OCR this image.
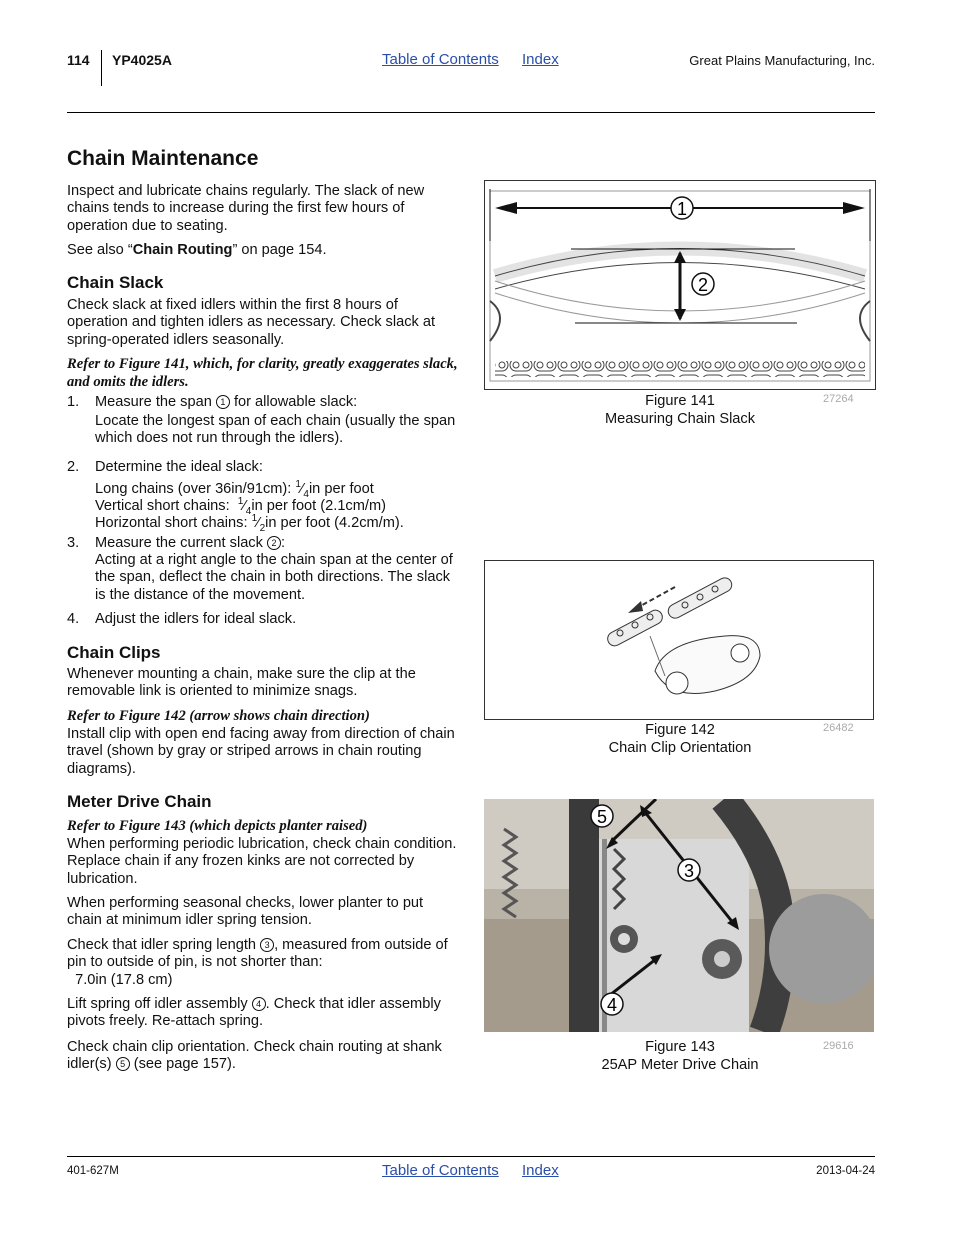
114 YP4025A	Table of Contents Index	Great Plains Manufacturing, Inc.
Chain Maintenance

Inspect and lubricate chains regularly. The slack of new chains tends to increase during the first few hours of operation due to seating.

See also “Chain Routing” on page 154.

Chain Slack

Check slack at fixed idlers within the first 8 hours of operation and tighten idlers as necessary. Check slack at spring-operated idlers seasonally.

Refer to Figure 141, which, for clarity, greatly exaggerates slack, and omits the idlers.

1. Measure the span 1 for allowable slack:

Locate the longest span of each chain (usually the span which does not run through the idlers).

2. Determine the ideal slack:

Long chains (over 36in/91cm): $^1⁄_4in$ per foot

Vertical short chains:  $^1⁄_4in$ per foot (2.1cm/m)

Horizontal short chains: $^1⁄_2in$ per foot (4.2cm/m).

3. Measure the current slack 2 :

Acting at a right angle to the chain span at the center of the span, deflect the chain in both directions. The slack is the distance of the movement.

4. Adjust the idlers for ideal slack.

Chain Clips

Whenever mounting a chain, make sure the clip at the removable link is oriented to minimize snags.

Refer to Figure 142 (arrow shows chain direction)

Install clip with open end facing away from direction of chain travel (shown by gray or striped arrows in chain routing diagrams).

Meter Drive Chain

Refer to Figure 143 (which depicts planter raised)

When performing periodic lubrication, check chain condition. Replace chain if any frozen kinks are not corrected by lubrication.

When performing seasonal checks, lower planter to put chain at minimum idler spring tension.

Check that idler spring length 3 , measured from outside of pin to outside of pin, is not shorter than:
7.0in (17.8 cm)

Lift spring off idler assembly 4 . Check that idler assembly pivots freely. Re-attach spring.

Check chain clip orientation. Check chain routing at shank idler(s) 5 (see page 157).

1
2
Figure 141
Measuring Chain Slack
27264
Figure 142
Chain Clip Orientation
26482
5
3
4
Figure 143
25AP Meter Drive Chain
29616
401-627M	Table of Contents Index	2013-04-24
